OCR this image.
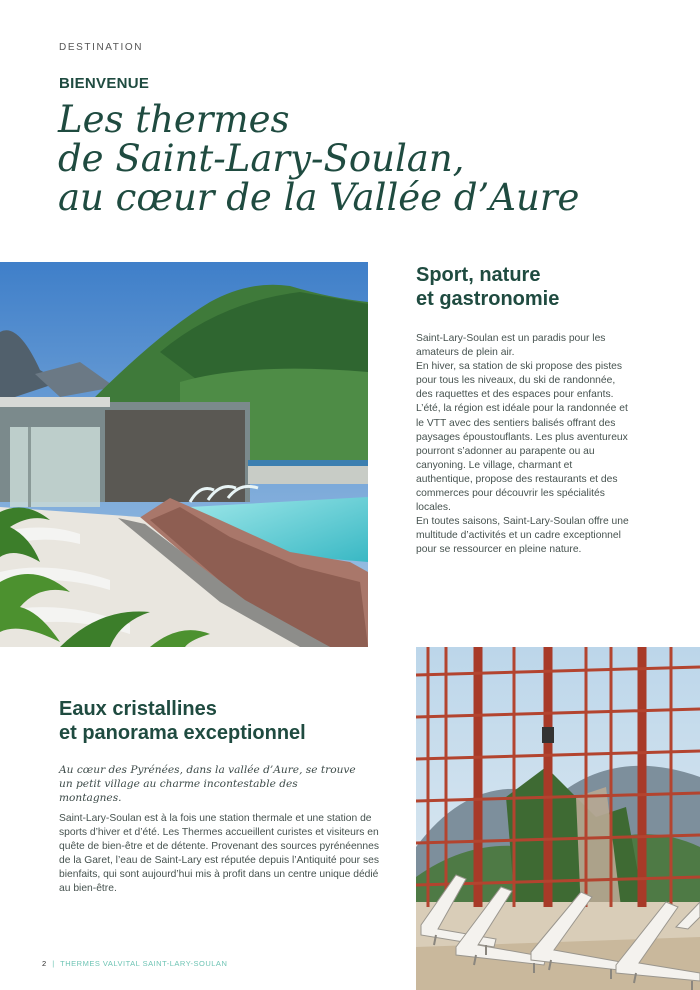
DESTINATION
BIENVENUE
Les thermes
de Saint-Lary-Soulan,
au cœur de la Vallée d’Aure
Sport, nature
et gastronomie

Saint-Lary-Soulan est un paradis pour les amateurs de plein air.

En hiver, sa station de ski propose des pistes pour tous les niveaux, du ski de randonnée, des raquettes et des espaces pour enfants. L’été, la région est idéale pour la randonnée et le VTT avec des sentiers balisés offrant des paysages époustouflants. Les plus aventureux pourront s’adonner au parapente ou au canyoning. Le village, charmant et authentique, propose des restaurants et des commerces pour découvrir les spécialités locales.

En toutes saisons, Saint-Lary-Soulan offre une multitude d’activités et un cadre exceptionnel pour se ressourcer en pleine nature.

Eaux cristallines
et panorama exceptionnel
Au cœur des Pyrénées, dans la vallée d’Aure, se trouve un petit village au charme incontestable des montagnes.
Saint-Lary-Soulan est à la fois une station thermale et une station de sports d’hiver et d’été. Les Thermes accueillent curistes et visiteurs en quête de bien-être et de détente. Provenant des sources pyrénéennes de la Garet, l’eau de Saint-Lary est réputée depuis l’Antiquité pour ses bienfaits, qui sont aujourd’hui mis à profit dans un centre unique dédié au bien-être.
2 | THERMES VALVITAL SAINT-LARY-SOULAN
